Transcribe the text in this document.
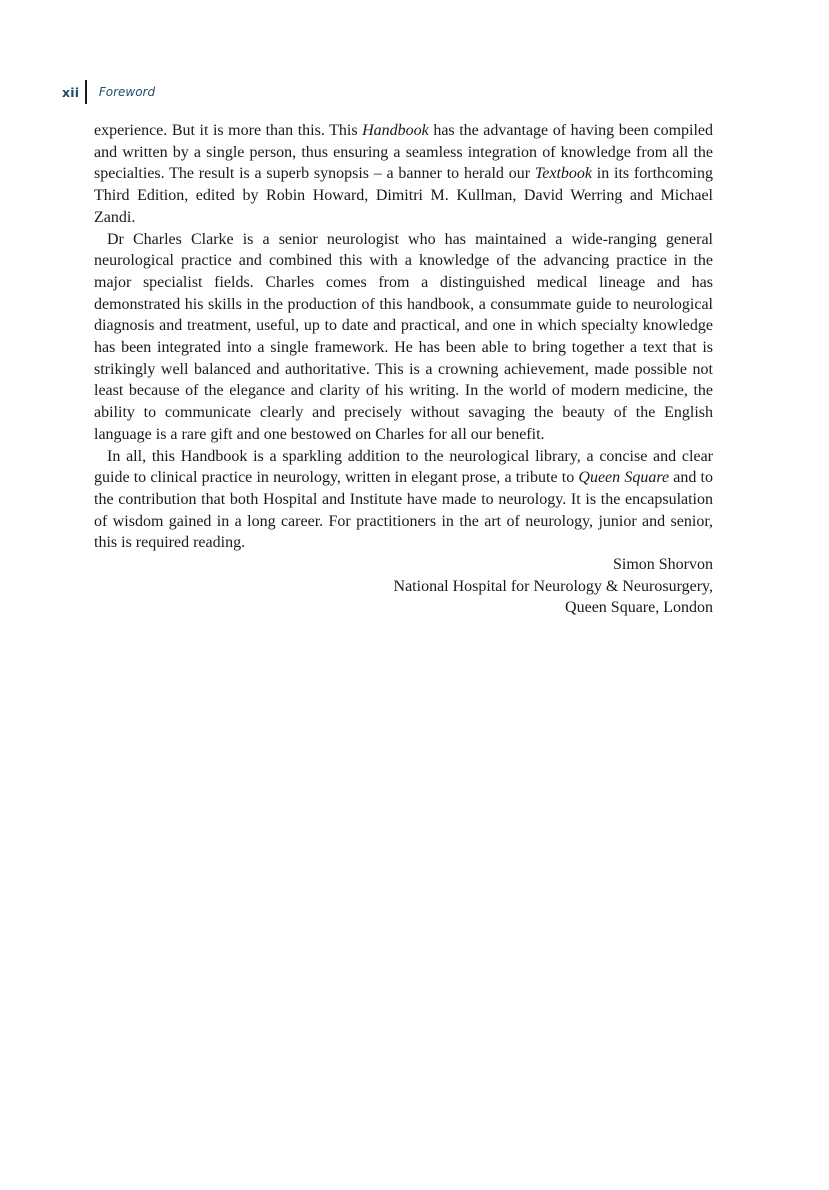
xii Foreword

experience. But it is more than this. This Handbook has the advantage of having been compiled and written by a single person, thus ensuring a seamless integration of knowledge from all the specialties. The result is a superb synopsis – a banner to herald our Textbook in its forthcoming Third Edition, edited by Robin Howard, Dimitri M. Kullman, David Werring and Michael Zandi.

Dr Charles Clarke is a senior neurologist who has maintained a wide-ranging general neurological practice and combined this with a knowledge of the advancing practice in the major specialist fields. Charles comes from a distinguished medical lineage and has demonstrated his skills in the production of this handbook, a consummate guide to neurological diagnosis and treatment, useful, up to date and practical, and one in which specialty knowledge has been integrated into a single framework. He has been able to bring together a text that is strikingly well balanced and authoritative. This is a crowning achievement, made possible not least because of the elegance and clarity of his writing. In the world of modern medicine, the ability to communicate clearly and precisely without savaging the beauty of the English language is a rare gift and one bestowed on Charles for all our benefit.

In all, this Handbook is a sparkling addition to the neurological library, a concise and clear guide to clinical practice in neurology, written in elegant prose, a tribute to Queen Square and to the contribution that both Hospital and Institute have made to neurology. It is the encapsulation of wisdom gained in a long career. For practitioners in the art of neurology, junior and senior, this is required reading.

Simon Shorvon
National Hospital for Neurology & Neurosurgery,
Queen Square, London
